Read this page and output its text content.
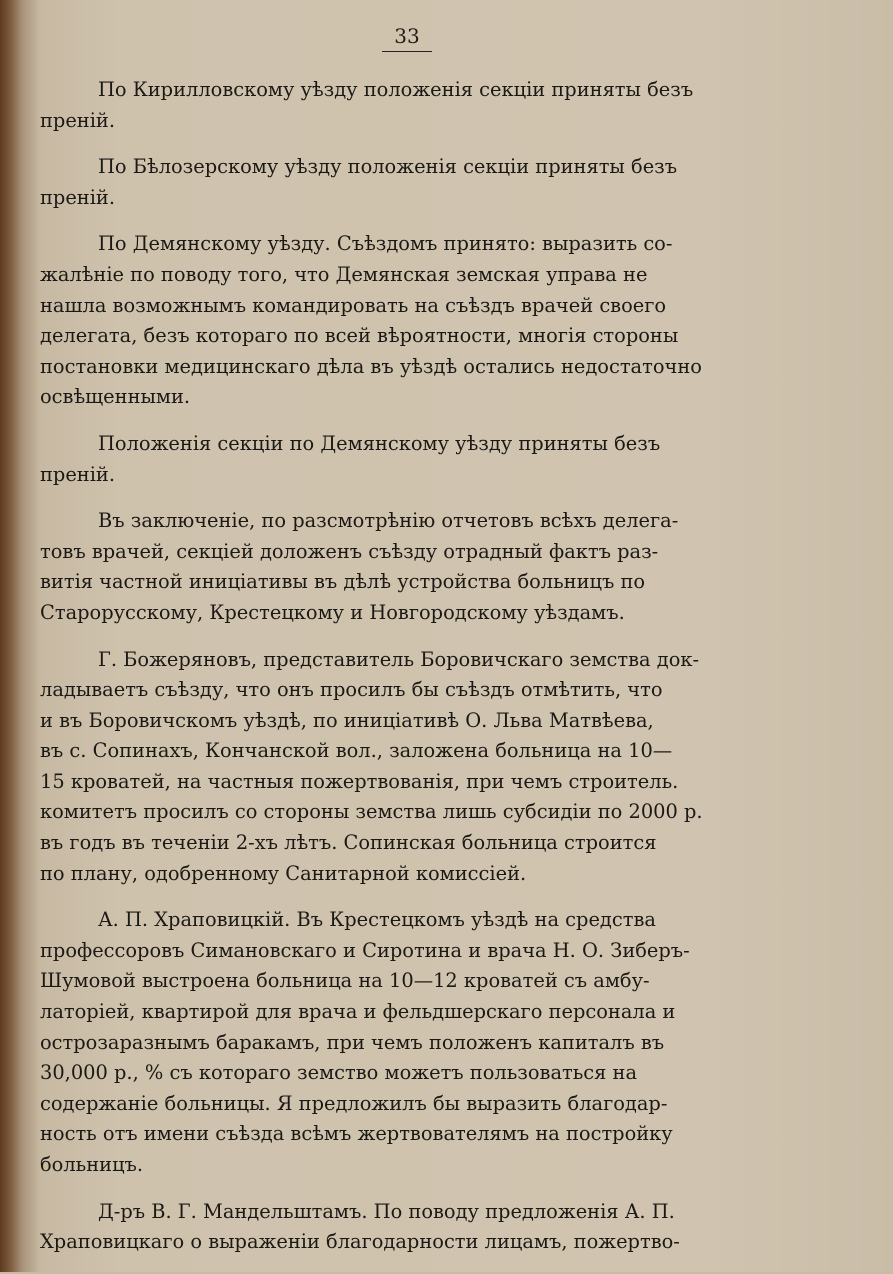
33

По Кирилловскому уѣзду положенія секціи приняты безъ
преній.

По Бѣлозерскому уѣзду положенія секціи приняты безъ
преній.

По Демянскому уѣзду. Съѣздомъ принято: выразить со-
жалѣніе по поводу того, что Демянская земская управа не
нашла возможнымъ командировать на съѣздъ врачей своего
делегата, безъ котораго по всей вѣроятности, многія стороны
постановки медицинскаго дѣла въ уѣздѣ остались недостаточно
освѣщенными.

Положенія секціи по Демянскому уѣзду приняты безъ
преній.

Въ заключеніе, по разсмотрѣнію отчетовъ всѣхъ делега-
товъ врачей, секціей доложенъ съѣзду отрадный фактъ раз-
витія частной иниціативы въ дѣлѣ устройства больницъ по
Старорусскому, Крестецкому и Новгородскому уѣздамъ.

Г. Божеряновъ, представитель Боровичскаго земства док-
ладываетъ съѣзду, что онъ просилъ бы съѣздъ отмѣтить, что
и въ Боровичскомъ уѣздѣ, по иниціативѣ О. Льва Матвѣева,
въ с. Сопинахъ, Кончанской вол., заложена больница на 10—
15 кроватей, на частныя пожертвованія, при чемъ строитель.
комитетъ просилъ со стороны земства лишь субсидіи по 2000 р.
въ годъ въ теченіи 2-хъ лѣтъ. Сопинская больница строится
по плану, одобренному Санитарной комиссіей.

А. П. Храповицкій. Въ Крестецкомъ уѣздѣ на средства
профессоровъ Симановскаго и Сиротина и врача Н. О. Зиберъ-
Шумовой выстроена больница на 10—12 кроватей съ амбу-
латоріей, квартирой для врача и фельдшерскаго персонала и
острозаразнымъ баракамъ, при чемъ положенъ капиталъ въ
30,000 р., % съ котораго земство можетъ пользоваться на
содержаніе больницы. Я предложилъ бы выразить благодар-
ность отъ имени съѣзда всѣмъ жертвователямъ на постройку
больницъ.

Д-ръ В. Г. Мандельштамъ. По поводу предложенія А. П.
Храповицкаго о выраженіи благодарности лицамъ, пожертво-
